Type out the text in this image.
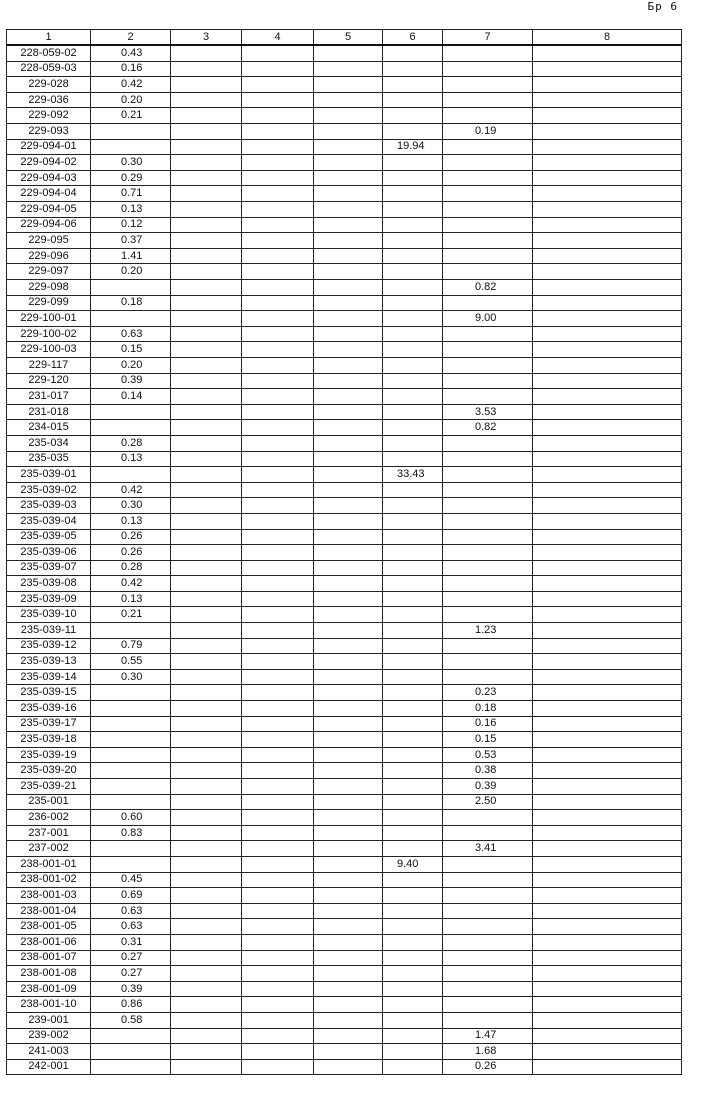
Бр 6
1	2	3	4	5	6	7	8
228-059-02	0.43						
228-059-03	0.16						
229-028	0.42						
229-036	0.20						
229-092	0.21						
229-093						0.19	
229-094-01					19.94		
229-094-02	0.30						
229-094-03	0.29						
229-094-04	0.71						
229-094-05	0.13						
229-094-06	0.12						
229-095	0.37						
229-096	1.41						
229-097	0.20						
229-098						0.82	
229-099	0.18						
229-100-01						9.00	
229-100-02	0.63						
229-100-03	0.15						
229-117	0.20						
229-120	0.39						
231-017	0.14						
231-018						3.53	
234-015						0.82	
235-034	0.28						
235-035	0.13						
235-039-01					33.43		
235-039-02	0.42						
235-039-03	0.30						
235-039-04	0.13						
235-039-05	0.26						
235-039-06	0.26						
235-039-07	0.28						
235-039-08	0.42						
235-039-09	0.13						
235-039-10	0.21						
235-039-11						1.23	
235-039-12	0.79						
235-039-13	0.55						
235-039-14	0.30						
235-039-15						0.23	
235-039-16						0.18	
235-039-17						0.16	
235-039-18						0.15	
235-039-19						0.53	
235-039-20						0.38	
235-039-21						0.39	
235-001						2.50	
236-002	0.60						
237-001	0.83						
237-002						3.41	
238-001-01					9.40		
238-001-02	0.45						
238-001-03	0.69						
238-001-04	0.63						
238-001-05	0.63						
238-001-06	0.31						
238-001-07	0.27						
238-001-08	0.27						
238-001-09	0.39						
238-001-10	0.86						
239-001	0.58						
239-002						1.47	
241-003						1.68	
242-001						0.26	
